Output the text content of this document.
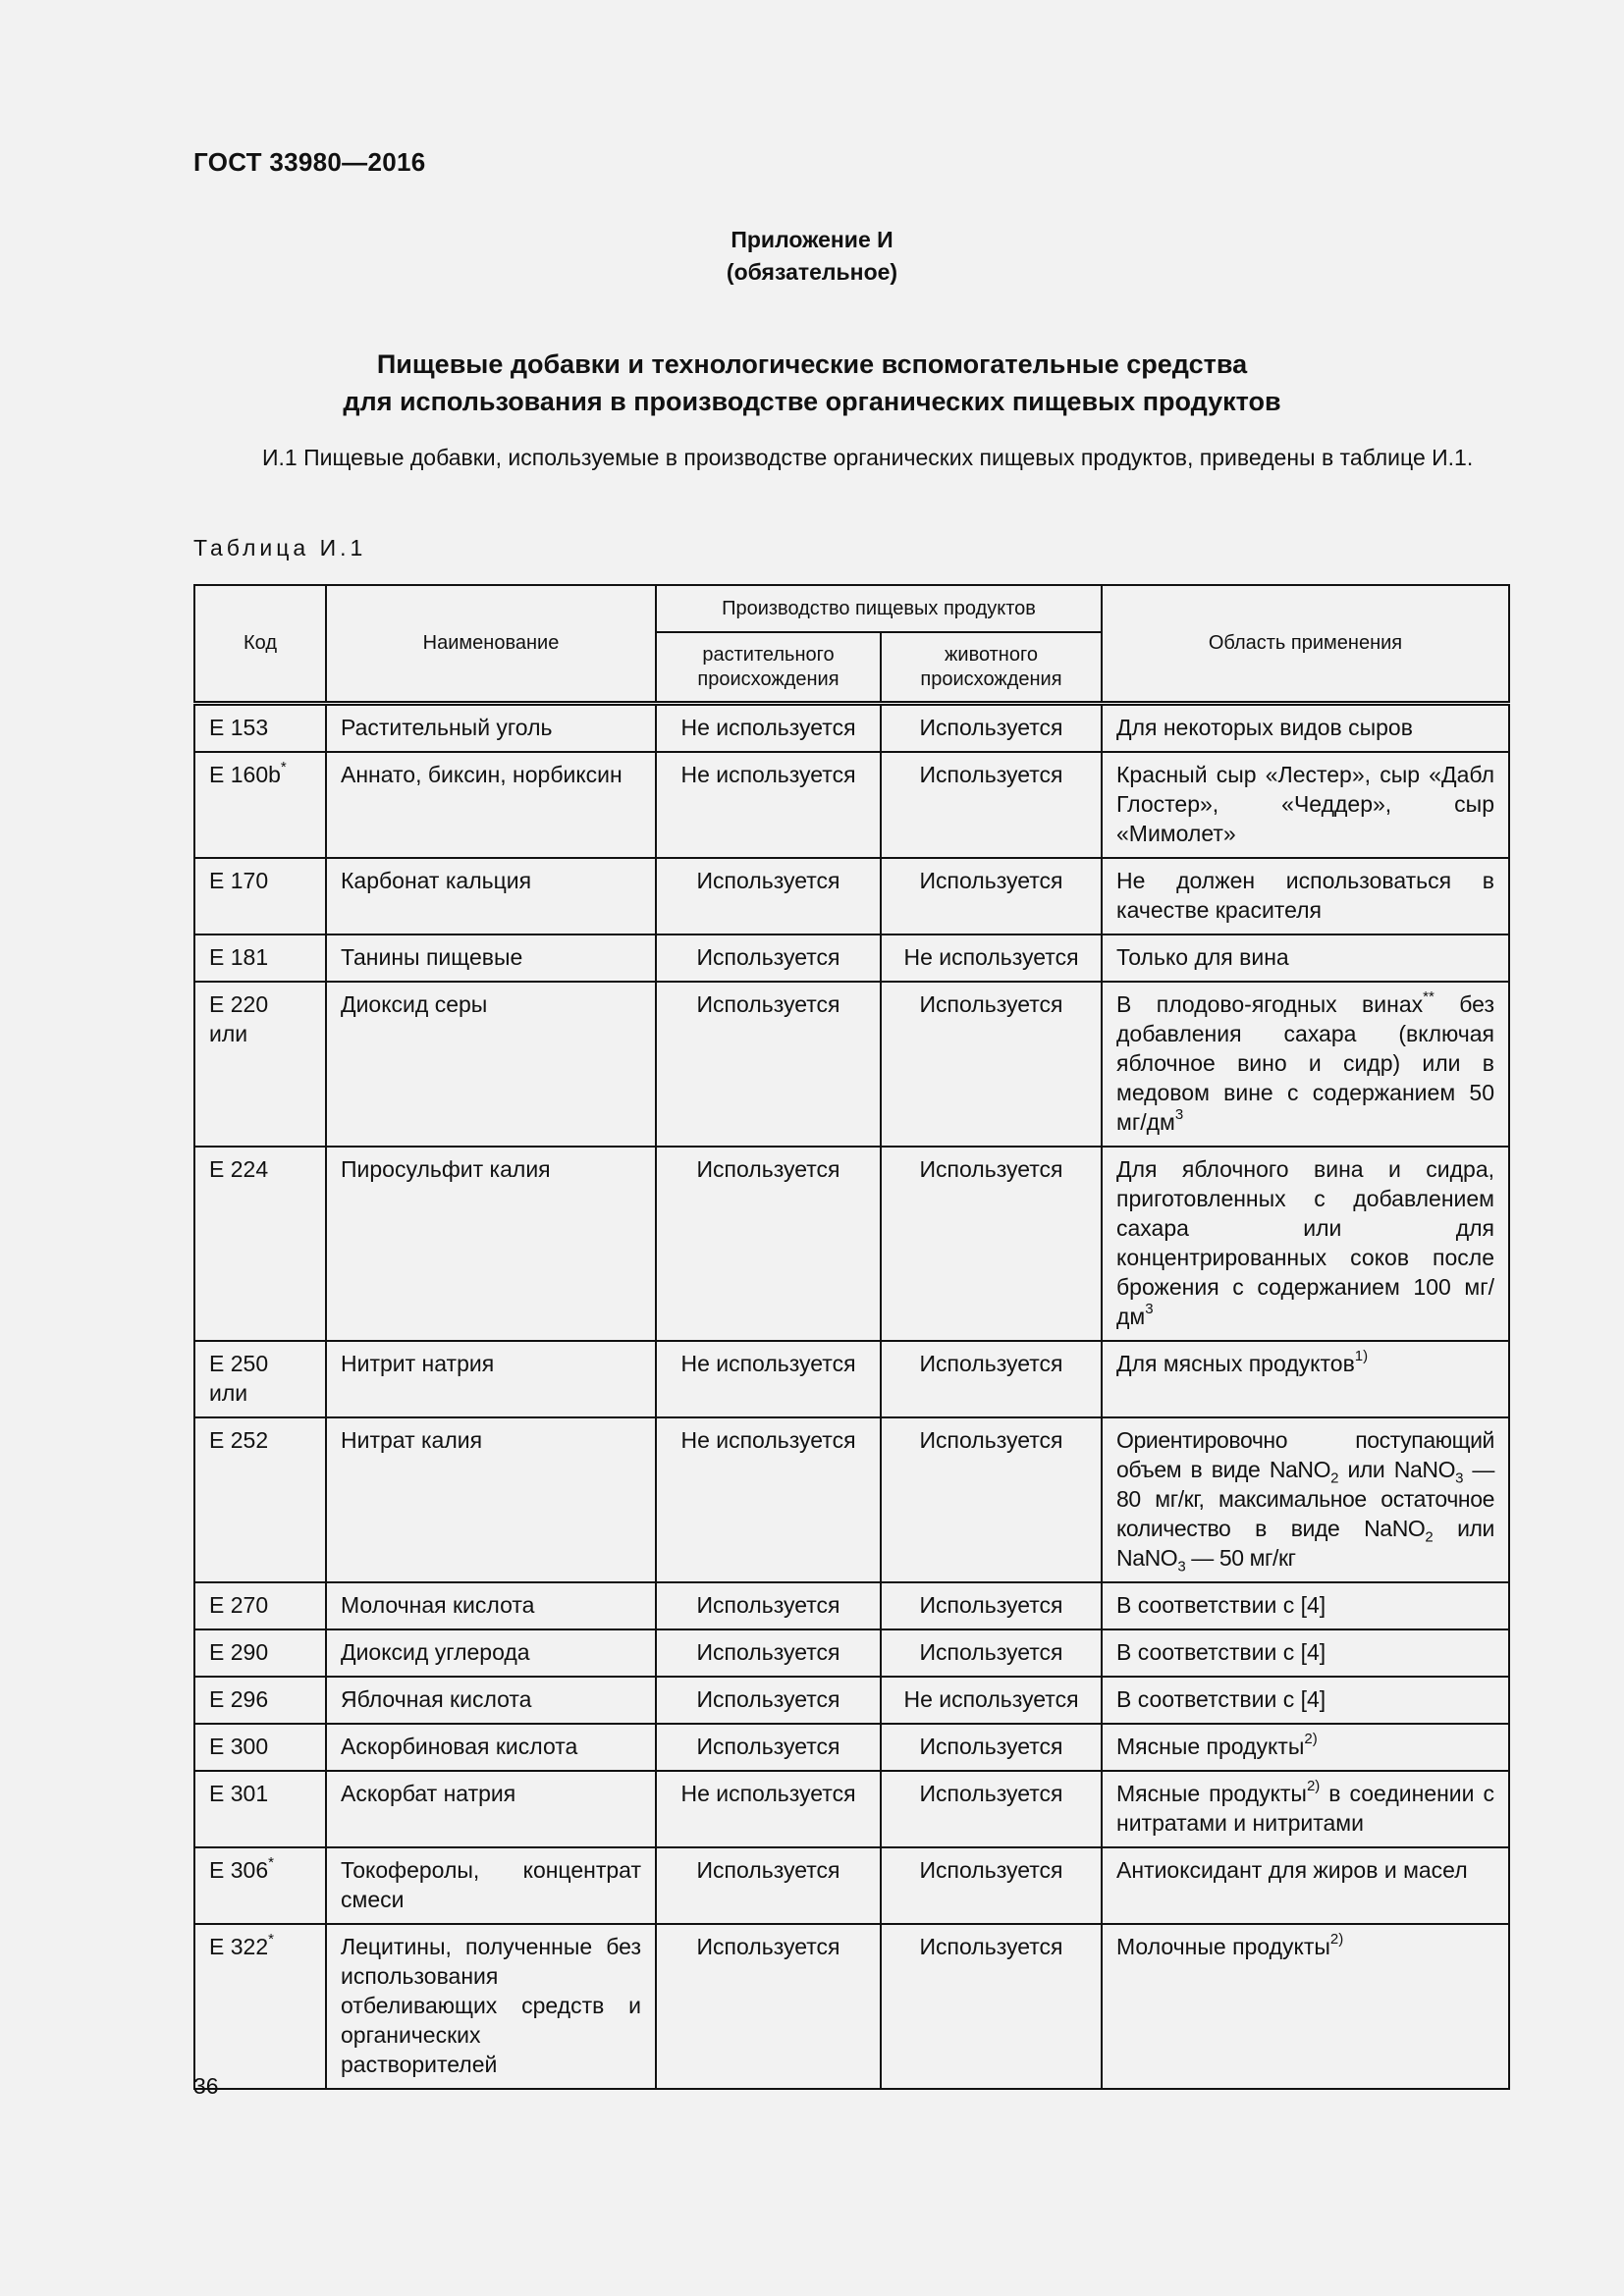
ГОСТ 33980—2016
Приложение И
(обязательное)
Пищевые добавки и технологические вспомогательные средства
для использования в производстве органических пищевых продуктов
И.1 Пищевые добавки, используемые в производстве органических пищевых продуктов, приведены в таблице И.1.
Таблица И.1
Код	Наименование	Производство пищевых продуктов		Область применения
		растительного происхождения	животного происхождения	
Е 153	Растительный уголь	Не используется	Используется	Для некоторых видов сыров
Е 160b*	Аннато, биксин, норбиксин	Не используется	Используется	Красный сыр «Лестер», сыр «Дабл Глостер», «Чеддер», сыр «Мимолет»
Е 170	Карбонат кальция	Используется	Используется	Не должен использоваться в качестве красителя
Е 181	Танины пищевые	Используется	Не используется	Только для вина
Е 220 или	Диоксид серы	Используется	Используется	В плодово-ягодных винах** без добавления сахара (включая яблочное вино и сидр) или в медовом вине с содержанием 50 $мг/дм^3$
Е 224	Пиросульфит калия	Используется	Используется	Для яблочного вина и сидра, приготовленных с добавлением сахара или для концентрированных соков после брожения с содержанием 100 $мг/дм^3$
Е 250 или	Нитрит натрия	Не используется	Используется	Для мясных продуктов$^{1)}$
Е 252	Нитрат калия	Не используется	Используется	Ориентировочно поступающий объем в виде NaNO$_2$ или NaNO$_3$ — 80 мг/кг, максимальное остаточное количество в виде NaNO$_2$ или NaNO$_3$ — 50 мг/кг
Е 270	Молочная кислота	Используется	Используется	В соответствии с [4]
Е 290	Диоксид углерода	Используется	Используется	В соответствии с [4]
Е 296	Яблочная кислота	Используется	Не используется	В соответствии с [4]
Е 300	Аскорбиновая кислота	Используется	Используется	Мясные продукты$^{2)}$
Е 301	Аскорбат натрия	Не используется	Используется	Мясные продукты$^{2)}$ в соединении с нитратами и нитритами
Е 306*	Токоферолы, концентрат смеси	Используется	Используется	Антиоксидант для жиров и масел
Е 322*	Лецитины, полученные без использования отбеливающих средств и органических растворителей	Используется	Используется	Молочные продукты$^{2)}$
36
